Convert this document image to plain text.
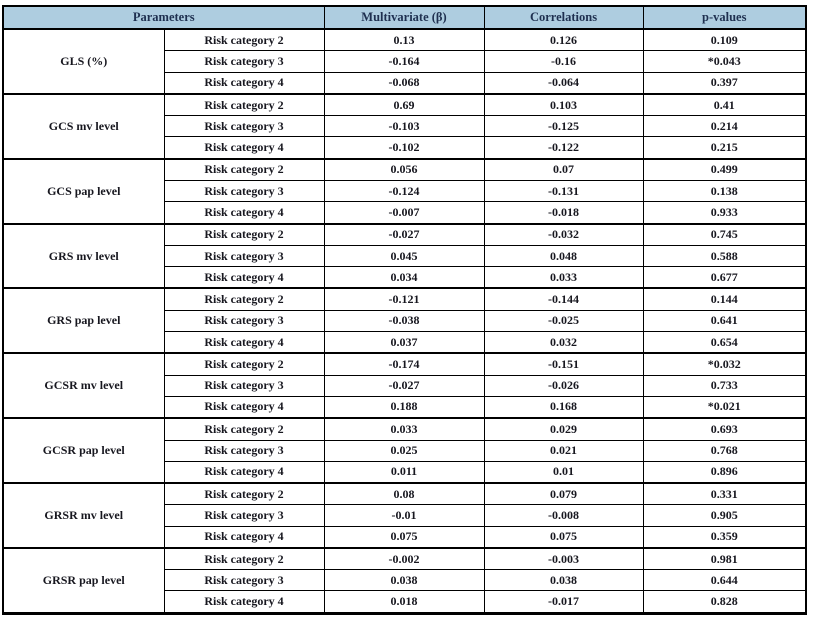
Parameters		Multivariate (β)	Correlations	p-values
GLS (%)	Risk category 2	0.13	0.126	0.109
	Risk category 3	-0.164	-0.16	*0.043
	Risk category 4	-0.068	-0.064	0.397
GCS mv level	Risk category 2	0.69	0.103	0.41
	Risk category 3	-0.103	-0.125	0.214
	Risk category 4	-0.102	-0.122	0.215
GCS pap level	Risk category 2	0.056	0.07	0.499
	Risk category 3	-0.124	-0.131	0.138
	Risk category 4	-0.007	-0.018	0.933
GRS mv level	Risk category 2	-0.027	-0.032	0.745
	Risk category 3	0.045	0.048	0.588
	Risk category 4	0.034	0.033	0.677
GRS pap level	Risk category 2	-0.121	-0.144	0.144
	Risk category 3	-0.038	-0.025	0.641
	Risk category 4	0.037	0.032	0.654
GCSR mv level	Risk category 2	-0.174	-0.151	*0.032
	Risk category 3	-0.027	-0.026	0.733
	Risk category 4	0.188	0.168	*0.021
GCSR pap level	Risk category 2	0.033	0.029	0.693
	Risk category 3	0.025	0.021	0.768
	Risk category 4	0.011	0.01	0.896
GRSR mv level	Risk category 2	0.08	0.079	0.331
	Risk category 3	-0.01	-0.008	0.905
	Risk category 4	0.075	0.075	0.359
GRSR pap level	Risk category 2	-0.002	-0.003	0.981
	Risk category 3	0.038	0.038	0.644
	Risk category 4	0.018	-0.017	0.828
